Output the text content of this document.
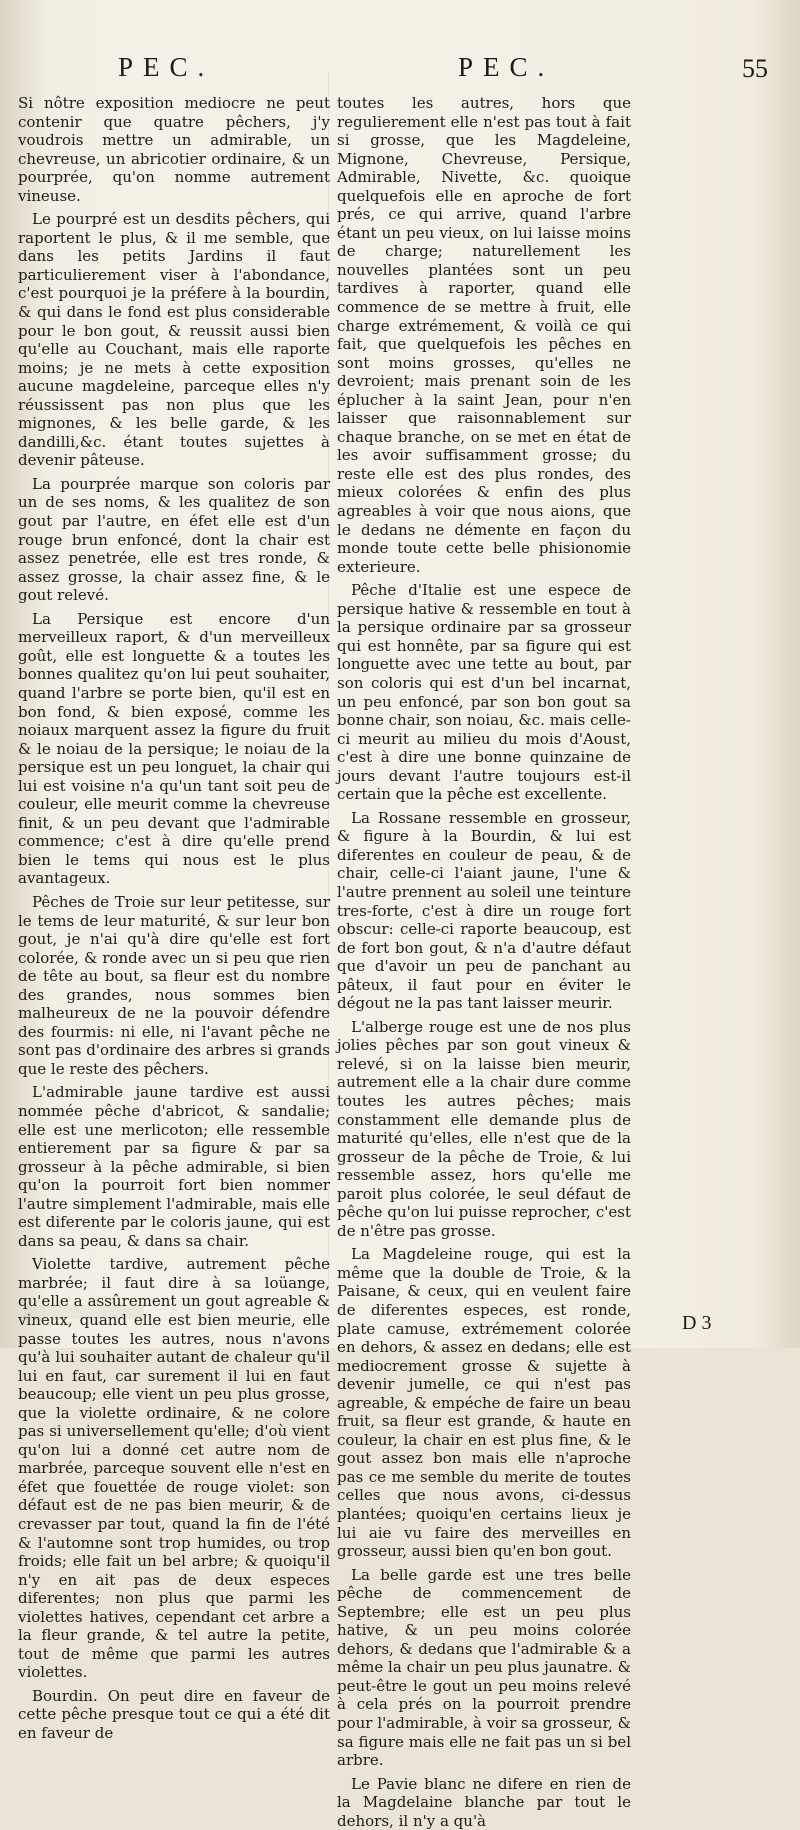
PEC.	PEC.	55

Si nôtre exposition mediocre ne peut contenir que quatre pêchers, j'y voudrois mettre un admirable, un chevreuse, un abricotier ordinaire, & un pourprée, qu'on nomme autrement vineuse.

Le pourpré est un desdits pêchers, qui raportent le plus, & il me semble, que dans les petits Jardins il faut particulierement viser à l'abondance, c'est pourquoi je la préfere à la bourdin, & qui dans le fond est plus considerable pour le bon gout, & reussit aussi bien qu'elle au Couchant, mais elle raporte moins; je ne mets à cette exposition aucune magdeleine, parceque elles n'y réussissent pas non plus que les mignones, & les belle garde, & les dandilli,&c. étant toutes sujettes à devenir pâteuse.

La pourprée marque son coloris par un de ses noms, & les qualitez de son gout par l'autre, en éfet elle est d'un rouge brun enfoncé, dont la chair est assez penetrée, elle est tres ronde, & assez grosse, la chair assez fine, & le gout relevé.

La Persique est encore d'un merveilleux raport, & d'un merveilleux goût, elle est longuette & a toutes les bonnes qualitez qu'on lui peut souhaiter, quand l'arbre se porte bien, qu'il est en bon fond, & bien exposé, comme les noiaux marquent assez la figure du fruit & le noiau de la persique; le noiau de la persique est un peu longuet, la chair qui lui est voisine n'a qu'un tant soit peu de couleur, elle meurit comme la chevreuse finit, & un peu devant que l'admirable commence; c'est à dire qu'elle prend bien le tems qui nous est le plus avantageux.

Pêches de Troie sur leur petitesse, sur le tems de leur maturité, & sur leur bon gout, je n'ai qu'à dire qu'elle est fort colorée, & ronde avec un si peu que rien de tête au bout, sa fleur est du nombre des grandes, nous sommes bien malheureux de ne la pouvoir défendre des fourmis: ni elle, ni l'avant pêche ne sont pas d'ordinaire des arbres si grands que le reste des pêchers.

L'admirable jaune tardive est aussi nommée pêche d'abricot, & sandalie; elle est une merlicoton; elle ressemble entierement par sa figure & par sa grosseur à la pêche admirable, si bien qu'on la pourroit fort bien nommer l'autre simplement l'admirable, mais elle est diferente par le coloris jaune, qui est dans sa peau, & dans sa chair.

Violette tardive, autrement pêche marbrée; il faut dire à sa loüange, qu'elle a assûrement un gout agreable & vineux, quand elle est bien meurie, elle passe toutes les autres, nous n'avons qu'à lui souhaiter autant de chaleur qu'il lui en faut, car surement il lui en faut beaucoup; elle vient un peu plus grosse, que la violette ordinaire, & ne colore pas si universellement qu'elle; d'où vient qu'on lui a donné cet autre nom de marbrée, parceque souvent elle n'est en éfet que fouettée de rouge violet: son défaut est de ne pas bien meurir, & de crevasser par tout, quand la fin de l'été & l'automne sont trop humides, ou trop froids; elle fait un bel arbre; & quoiqu'il n'y en ait pas de deux especes diferentes; non plus que parmi les violettes hatives, cependant cet arbre a la fleur grande, & tel autre la petite, tout de même que parmi les autres violettes.

Bourdin. On peut dire en faveur de cette pêche presque tout ce qui a été dit en faveur de

toutes les autres, hors que regulierement elle n'est pas tout à fait si grosse, que les Magdeleine, Mignone, Chevreuse, Persique, Admirable, Nivette, &c. quoique quelquefois elle en aproche de fort prés, ce qui arrive, quand l'arbre étant un peu vieux, on lui laisse moins de charge; naturellement les nouvelles plantées sont un peu tardives à raporter, quand elle commence de se mettre à fruit, elle charge extrémement, & voilà ce qui fait, que quelquefois les pêches en sont moins grosses, qu'elles ne devroient; mais prenant soin de les éplucher à la saint Jean, pour n'en laisser que raisonnablement sur chaque branche, on se met en état de les avoir suffisamment grosse; du reste elle est des plus rondes, des mieux colorées & enfin des plus agreables à voir que nous aions, que le dedans ne démente en façon du monde toute cette belle phisionomie exterieure.

Pêche d'Italie est une espece de persique hative & ressemble en tout à la persique ordinaire par sa grosseur qui est honnête, par sa figure qui est longuette avec une tette au bout, par son coloris qui est d'un bel incarnat, un peu enfoncé, par son bon gout sa bonne chair, son noiau, &c. mais celle-ci meurit au milieu du mois d'Aoust, c'est à dire une bonne quinzaine de jours devant l'autre toujours est-il certain que la pêche est excellente.

La Rossane ressemble en grosseur, & figure à la Bourdin, & lui est diferentes en couleur de peau, & de chair, celle-ci l'aiant jaune, l'une & l'autre prennent au soleil une teinture tres-forte, c'est à dire un rouge fort obscur: celle-ci raporte beaucoup, est de fort bon gout, & n'a d'autre défaut que d'avoir un peu de panchant au pâteux, il faut pour en éviter le dégout ne la pas tant laisser meurir.

L'alberge rouge est une de nos plus jolies pêches par son gout vineux & relevé, si on la laisse bien meurir, autrement elle a la chair dure comme toutes les autres pêches; mais constamment elle demande plus de maturité qu'elles, elle n'est que de la grosseur de la pêche de Troie, & lui ressemble assez, hors qu'elle me paroit plus colorée, le seul défaut de pêche qu'on lui puisse reprocher, c'est de n'être pas grosse.

La Magdeleine rouge, qui est la même que la double de Troie, & la Paisane, & ceux, qui en veulent faire de diferentes especes, est ronde, plate camuse, extrémement colorée en dehors, & assez en dedans; elle est mediocrement grosse & sujette à devenir jumelle, ce qui n'est pas agreable, & empéche de faire un beau fruit, sa fleur est grande, & haute en couleur, la chair en est plus fine, & le gout assez bon mais elle n'aproche pas ce me semble du merite de toutes celles que nous avons, ci-dessus plantées; quoiqu'en certains lieux je lui aie vu faire des merveilles en grosseur, aussi bien qu'en bon gout.

La belle garde est une tres belle pêche de commencement de Septembre; elle est un peu plus hative, & un peu moins colorée dehors, & dedans que l'admirable & a même la chair un peu plus jaunatre. & peut-être le gout un peu moins relevé à cela prés on la pourroit prendre pour l'admirable, à voir sa grosseur, & sa figure mais elle ne fait pas un si bel arbre.

Le Pavie blanc ne difere en rien de la Magdelaine blanche par tout le dehors, il n'y a qu'à

D 3
